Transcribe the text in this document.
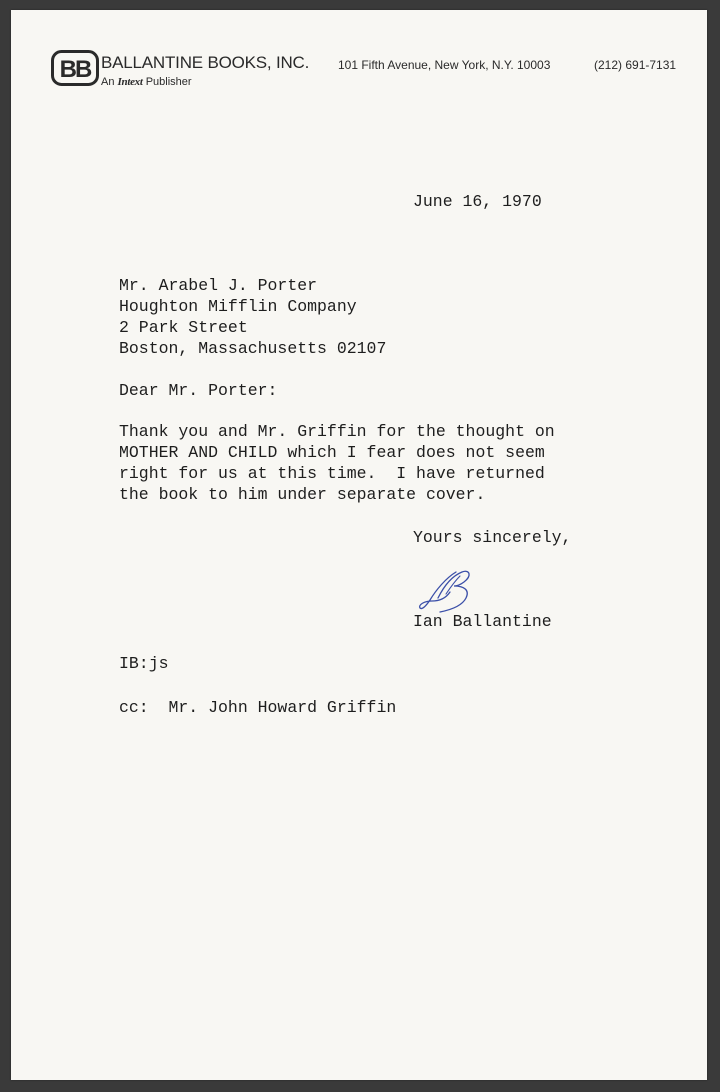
BB BALLANTINE BOOKS, INC. 101 Fifth Avenue, New York, N.Y. 10003	(212) 691-7131
An Intext Publisher
June 16, 1970
Mr. Arabel J. Porter
Houghton Mifflin Company
2 Park Street
Boston, Massachusetts 02107
Dear Mr. Porter:
Thank you and Mr. Griffin for the thought on
MOTHER AND CHILD which I fear does not seem
right for us at this time.  I have returned
the book to him under separate cover.
Yours sincerely,
Ian Ballantine
IB:js
cc:  Mr. John Howard Griffin
